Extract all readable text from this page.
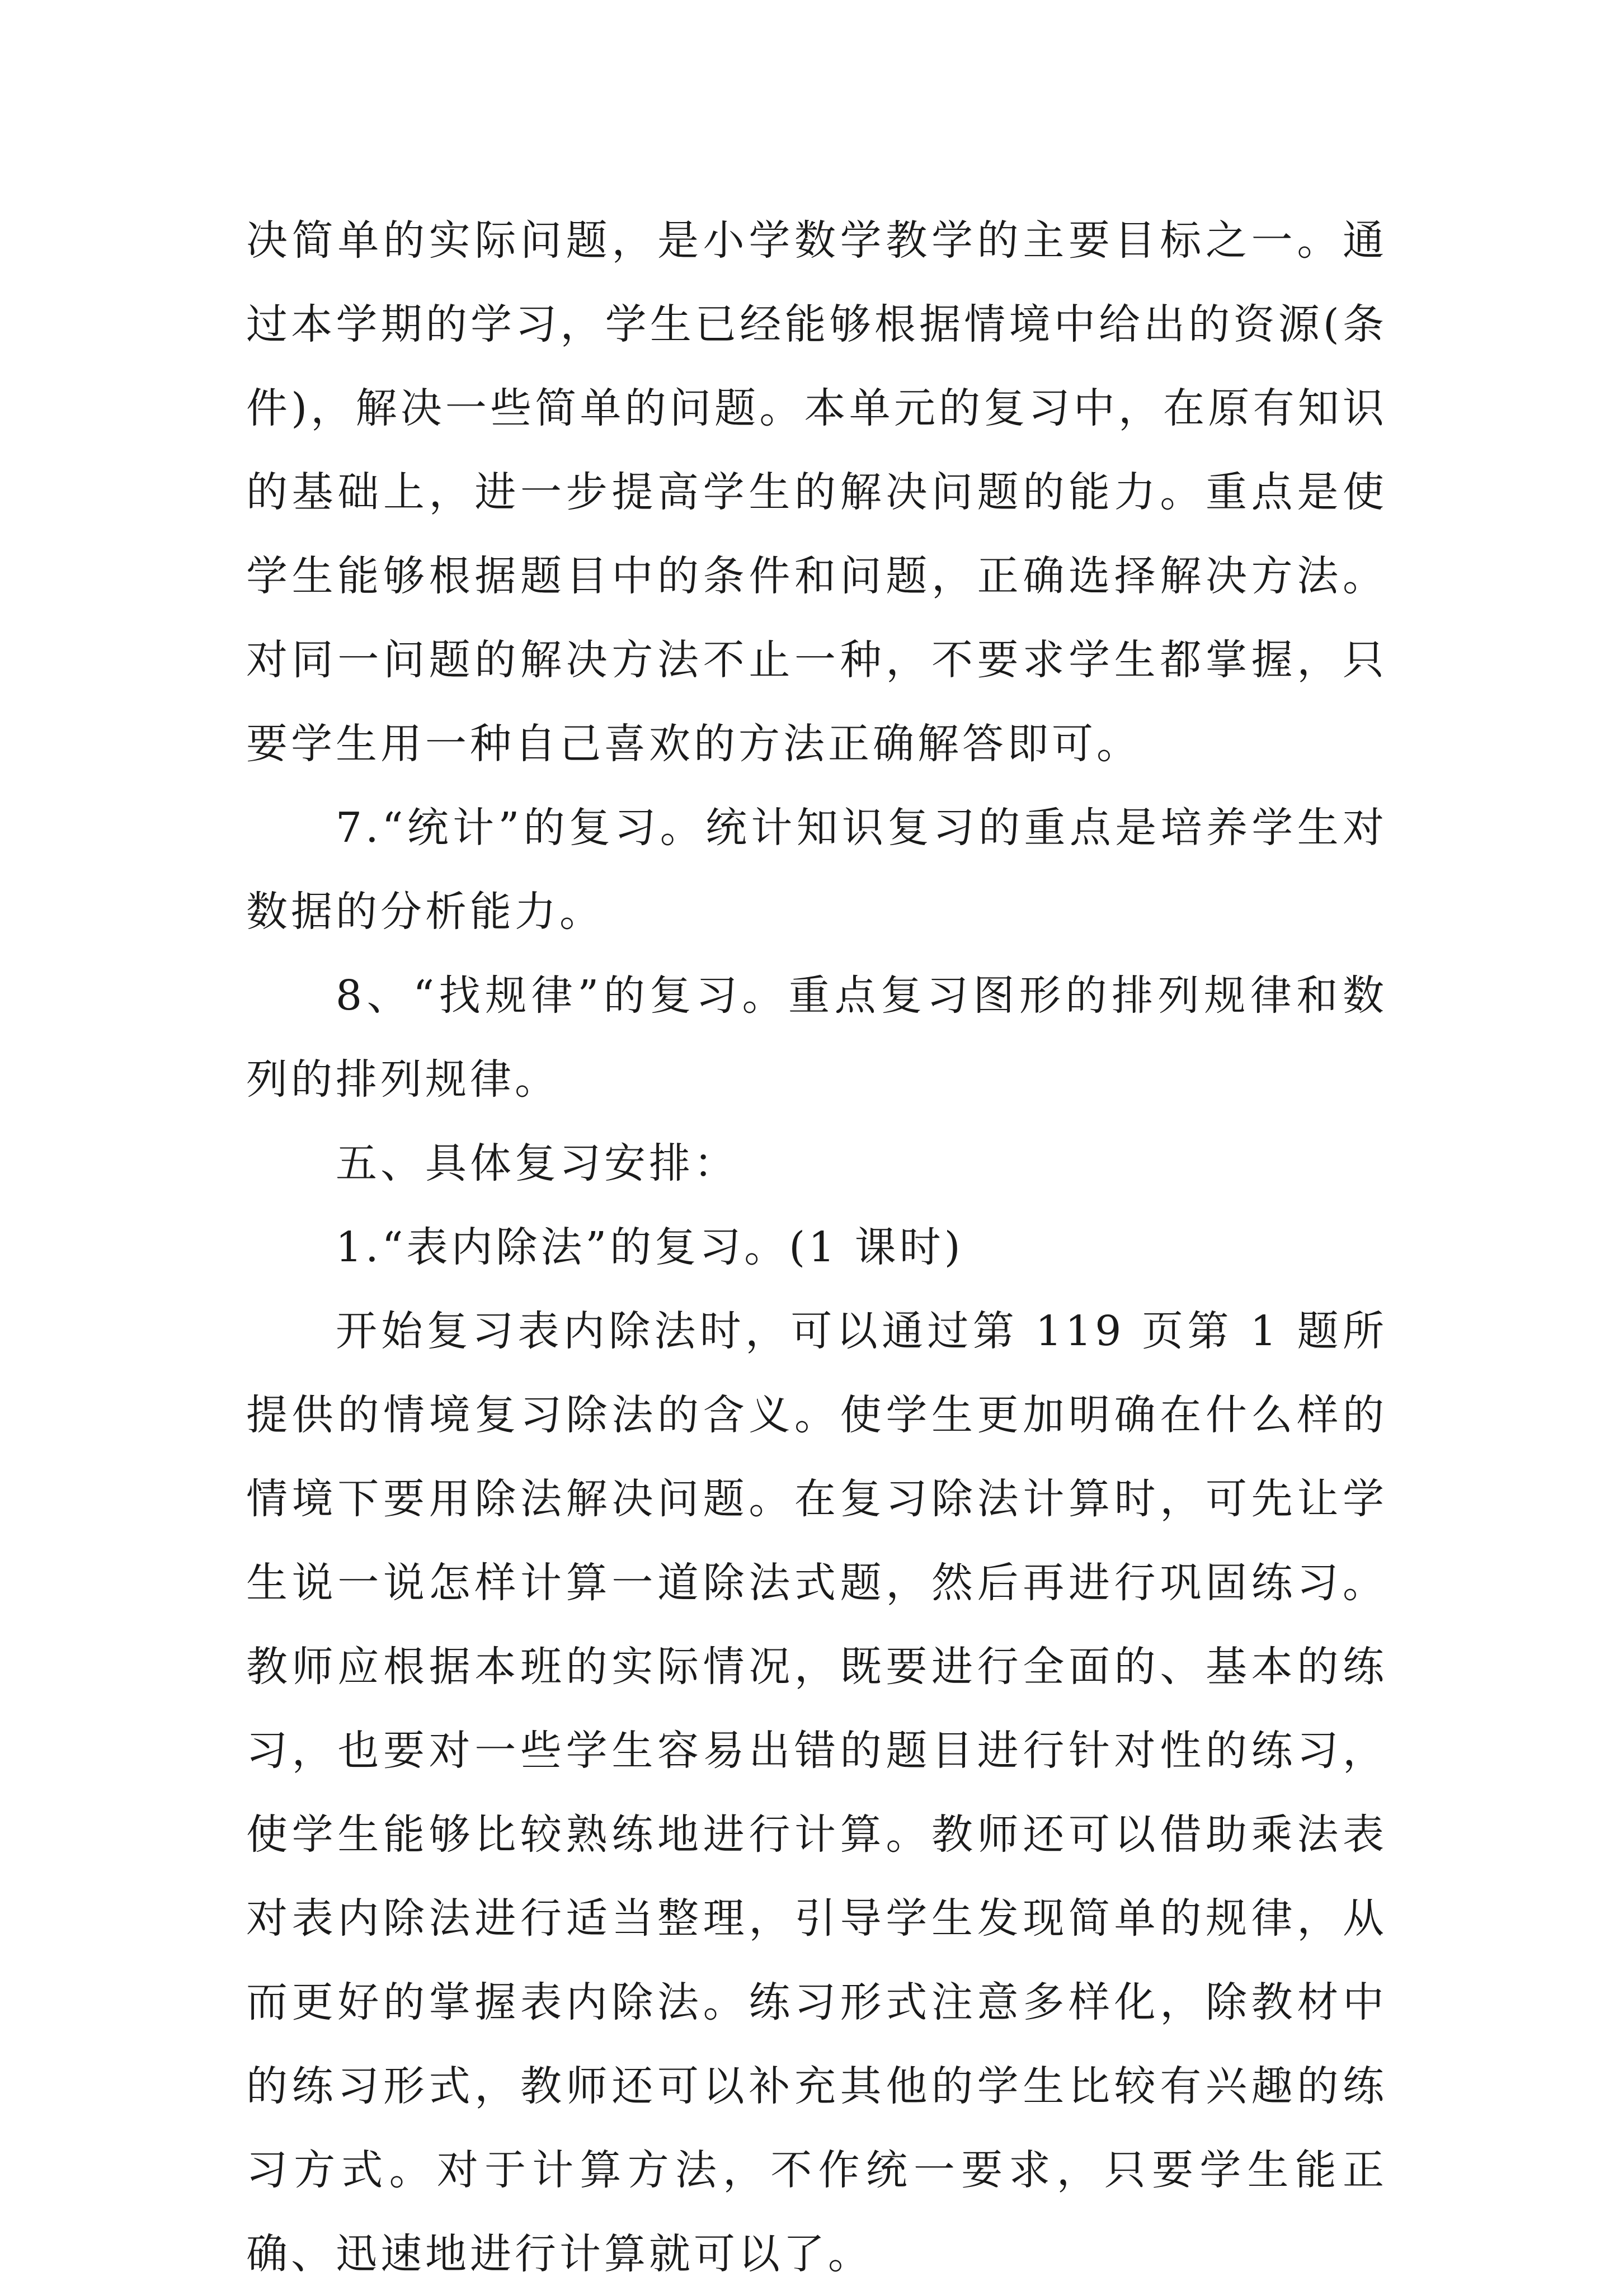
决简单的实际问题，是小学数学教学的主要目标之一。通过本学期的学习，学生已经能够根据情境中给出的资源(条件)，解决一些简单的问题。本单元的复习中，在原有知识的基础上，进一步提高学生的解决问题的能力。重点是使学生能够根据题目中的条件和问题，正确选择解决方法。对同一问题的解决方法不止一种，不要求学生都掌握，只要学生用一种自己喜欢的方法正确解答即可。

7.“统计”的复习。统计知识复习的重点是培养学生对数据的分析能力。

8、“找规律”的复习。重点复习图形的排列规律和数列的排列规律。

五、具体复习安排：

1.“表内除法”的复习。(1 课时)

开始复习表内除法时，可以通过第 119 页第 1 题所提供的情境复习除法的含义。使学生更加明确在什么样的情境下要用除法解决问题。在复习除法计算时，可先让学生说一说怎样计算一道除法式题，然后再进行巩固练习。教师应根据本班的实际情况，既要进行全面的、基本的练习，也要对一些学生容易出错的题目进行针对性的练习，使学生能够比较熟练地进行计算。教师还可以借助乘法表对表内除法进行适当整理，引导学生发现简单的规律，从而更好的掌握表内除法。练习形式注意多样化，除教材中的练习形式，教师还可以补充其他的学生比较有兴趣的练习方式。对于计算方法，不作统一要求，只要学生能正确、迅速地进行计算就可以了。
